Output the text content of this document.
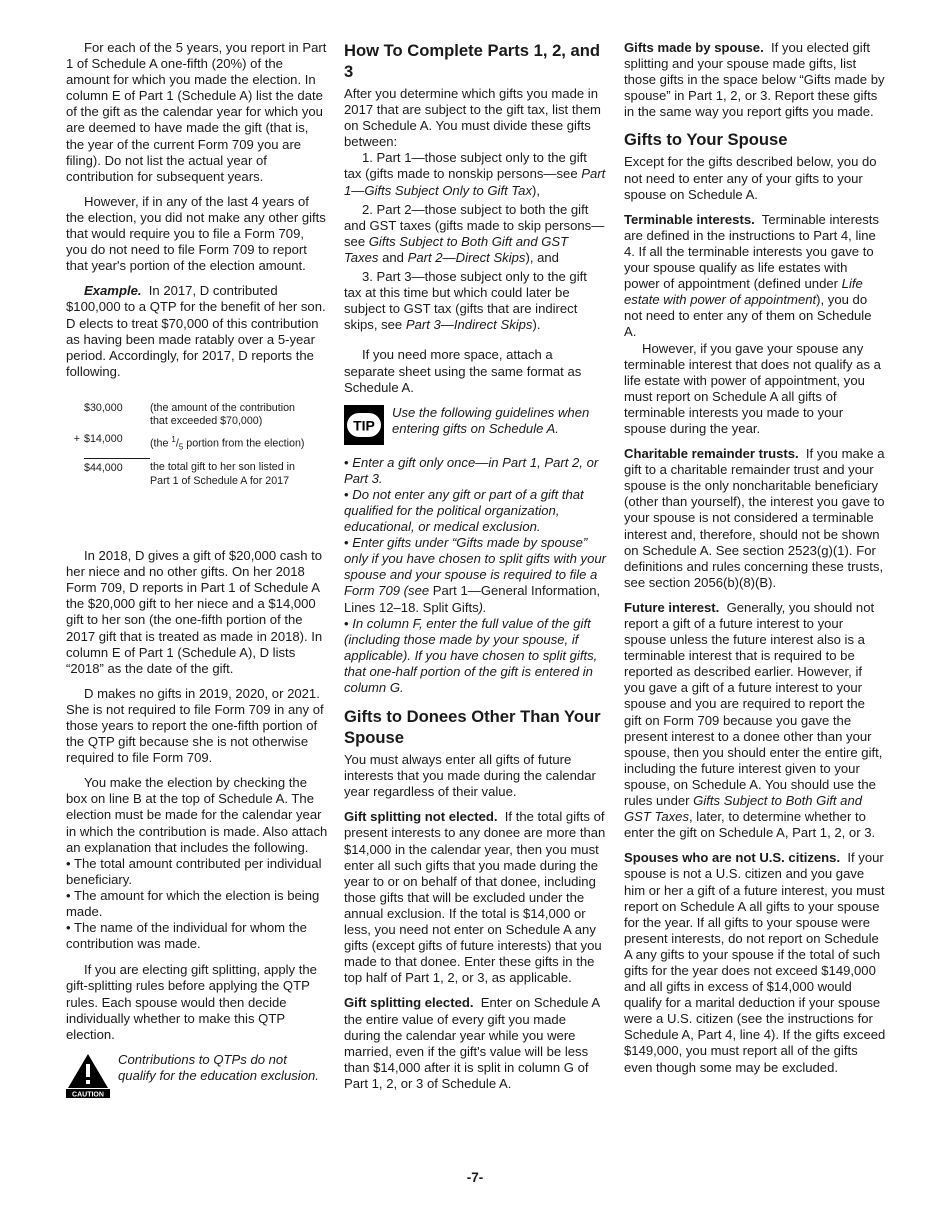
For each of the 5 years, you report in Part 1 of Schedule A one-fifth (20%) of the amount for which you made the election. In column E of Part 1 (Schedule A) list the date of the gift as the calendar year for which you are deemed to have made the gift (that is, the year of the current Form 709 you are filing). Do not list the actual year of contribution for subsequent years.

However, if in any of the last 4 years of the election, you did not make any other gifts that would require you to file a Form 709, you do not need to file Form 709 to report that year's portion of the election amount.

Example. In 2017, D contributed $100,000 to a QTP for the benefit of her son. D elects to treat $70,000 of this contribution as having been made ratably over a 5-year period. Accordingly, for 2017, D reports the following.

	$30,000	(the amount of the contribution that exceeded $70,000)
+	$14,000	(the $^1/_5$ portion from the election)
	$44,000	the total gift to her son listed in Part 1 of Schedule A for 2017

In 2018, D gives a gift of $20,000 cash to her niece and no other gifts. On her 2018 Form 709, D reports in Part 1 of Schedule A the $20,000 gift to her niece and a $14,000 gift to her son (the one-fifth portion of the 2017 gift that is treated as made in 2018). In column E of Part 1 (Schedule A), D lists “2018” as the date of the gift.

D makes no gifts in 2019, 2020, or 2021. She is not required to file Form 709 in any of those years to report the one-fifth portion of the QTP gift because she is not otherwise required to file Form 709.

You make the election by checking the box on line B at the top of Schedule A. The election must be made for the calendar year in which the contribution is made. Also attach an explanation that includes the following.

• The total amount contributed per individual beneficiary.

• The amount for which the election is being made.

• The name of the individual for whom the contribution was made.

If you are electing gift splitting, apply the gift-splitting rules before applying the QTP rules. Each spouse would then decide individually whether to make this QTP election.

CAUTION
Contributions to QTPs do not qualify for the education exclusion.
How To Complete Parts 1, 2, and 3

After you determine which gifts you made in 2017 that are subject to the gift tax, list them on Schedule A. You must divide these gifts between:

1. Part 1—those subject only to the gift tax (gifts made to nonskip persons—see Part 1—Gifts Subject Only to Gift Tax),

2. Part 2—those subject to both the gift and GST taxes (gifts made to skip persons—see Gifts Subject to Both Gift and GST Taxes and Part 2—Direct Skips), and

3. Part 3—those subject only to the gift tax at this time but which could later be subject to GST tax (gifts that are indirect skips, see Part 3—Indirect Skips).

If you need more space, attach a separate sheet using the same format as Schedule A.

TIP
Use the following guidelines when entering gifts on Schedule A.

• Enter a gift only once—in Part 1, Part 2, or Part 3.

• Do not enter any gift or part of a gift that qualified for the political organization, educational, or medical exclusion.

• Enter gifts under “Gifts made by spouse” only if you have chosen to split gifts with your spouse and your spouse is required to file a Form 709 (see Part 1—General Information, Lines 12–18. Split Gifts).

• In column F, enter the full value of the gift (including those made by your spouse, if applicable). If you have chosen to split gifts, that one-half portion of the gift is entered in column G.

Gifts to Donees Other Than Your Spouse

You must always enter all gifts of future interests that you made during the calendar year regardless of their value.

Gift splitting not elected. If the total gifts of present interests to any donee are more than $14,000 in the calendar year, then you must enter all such gifts that you made during the year to or on behalf of that donee, including those gifts that will be excluded under the annual exclusion. If the total is $14,000 or less, you need not enter on Schedule A any gifts (except gifts of future interests) that you made to that donee. Enter these gifts in the top half of Part 1, 2, or 3, as applicable.

Gift splitting elected. Enter on Schedule A the entire value of every gift you made during the calendar year while you were married, even if the gift's value will be less than $14,000 after it is split in column G of Part 1, 2, or 3 of Schedule A.

Gifts made by spouse. If you elected gift splitting and your spouse made gifts, list those gifts in the space below “Gifts made by spouse” in Part 1, 2, or 3. Report these gifts in the same way you report gifts you made.

Gifts to Your Spouse

Except for the gifts described below, you do not need to enter any of your gifts to your spouse on Schedule A.

Terminable interests. Terminable interests are defined in the instructions to Part 4, line 4. If all the terminable interests you gave to your spouse qualify as life estates with power of appointment (defined under Life estate with power of appointment), you do not need to enter any of them on Schedule A.

However, if you gave your spouse any terminable interest that does not qualify as a life estate with power of appointment, you must report on Schedule A all gifts of terminable interests you made to your spouse during the year.

Charitable remainder trusts. If you make a gift to a charitable remainder trust and your spouse is the only noncharitable beneficiary (other than yourself), the interest you gave to your spouse is not considered a terminable interest and, therefore, should not be shown on Schedule A. See section 2523(g)(1). For definitions and rules concerning these trusts, see section 2056(b)(8)(B).

Future interest. Generally, you should not report a gift of a future interest to your spouse unless the future interest also is a terminable interest that is required to be reported as described earlier. However, if you gave a gift of a future interest to your spouse and you are required to report the gift on Form 709 because you gave the present interest to a donee other than your spouse, then you should enter the entire gift, including the future interest given to your spouse, on Schedule A. You should use the rules under Gifts Subject to Both Gift and GST Taxes, later, to determine whether to enter the gift on Schedule A, Part 1, 2, or 3.

Spouses who are not U.S. citizens. If your spouse is not a U.S. citizen and you gave him or her a gift of a future interest, you must report on Schedule A all gifts to your spouse for the year. If all gifts to your spouse were present interests, do not report on Schedule A any gifts to your spouse if the total of such gifts for the year does not exceed $149,000 and all gifts in excess of $14,000 would qualify for a marital deduction if your spouse were a U.S. citizen (see the instructions for Schedule A, Part 4, line 4). If the gifts exceed $149,000, you must report all of the gifts even though some may be excluded.

-7-
